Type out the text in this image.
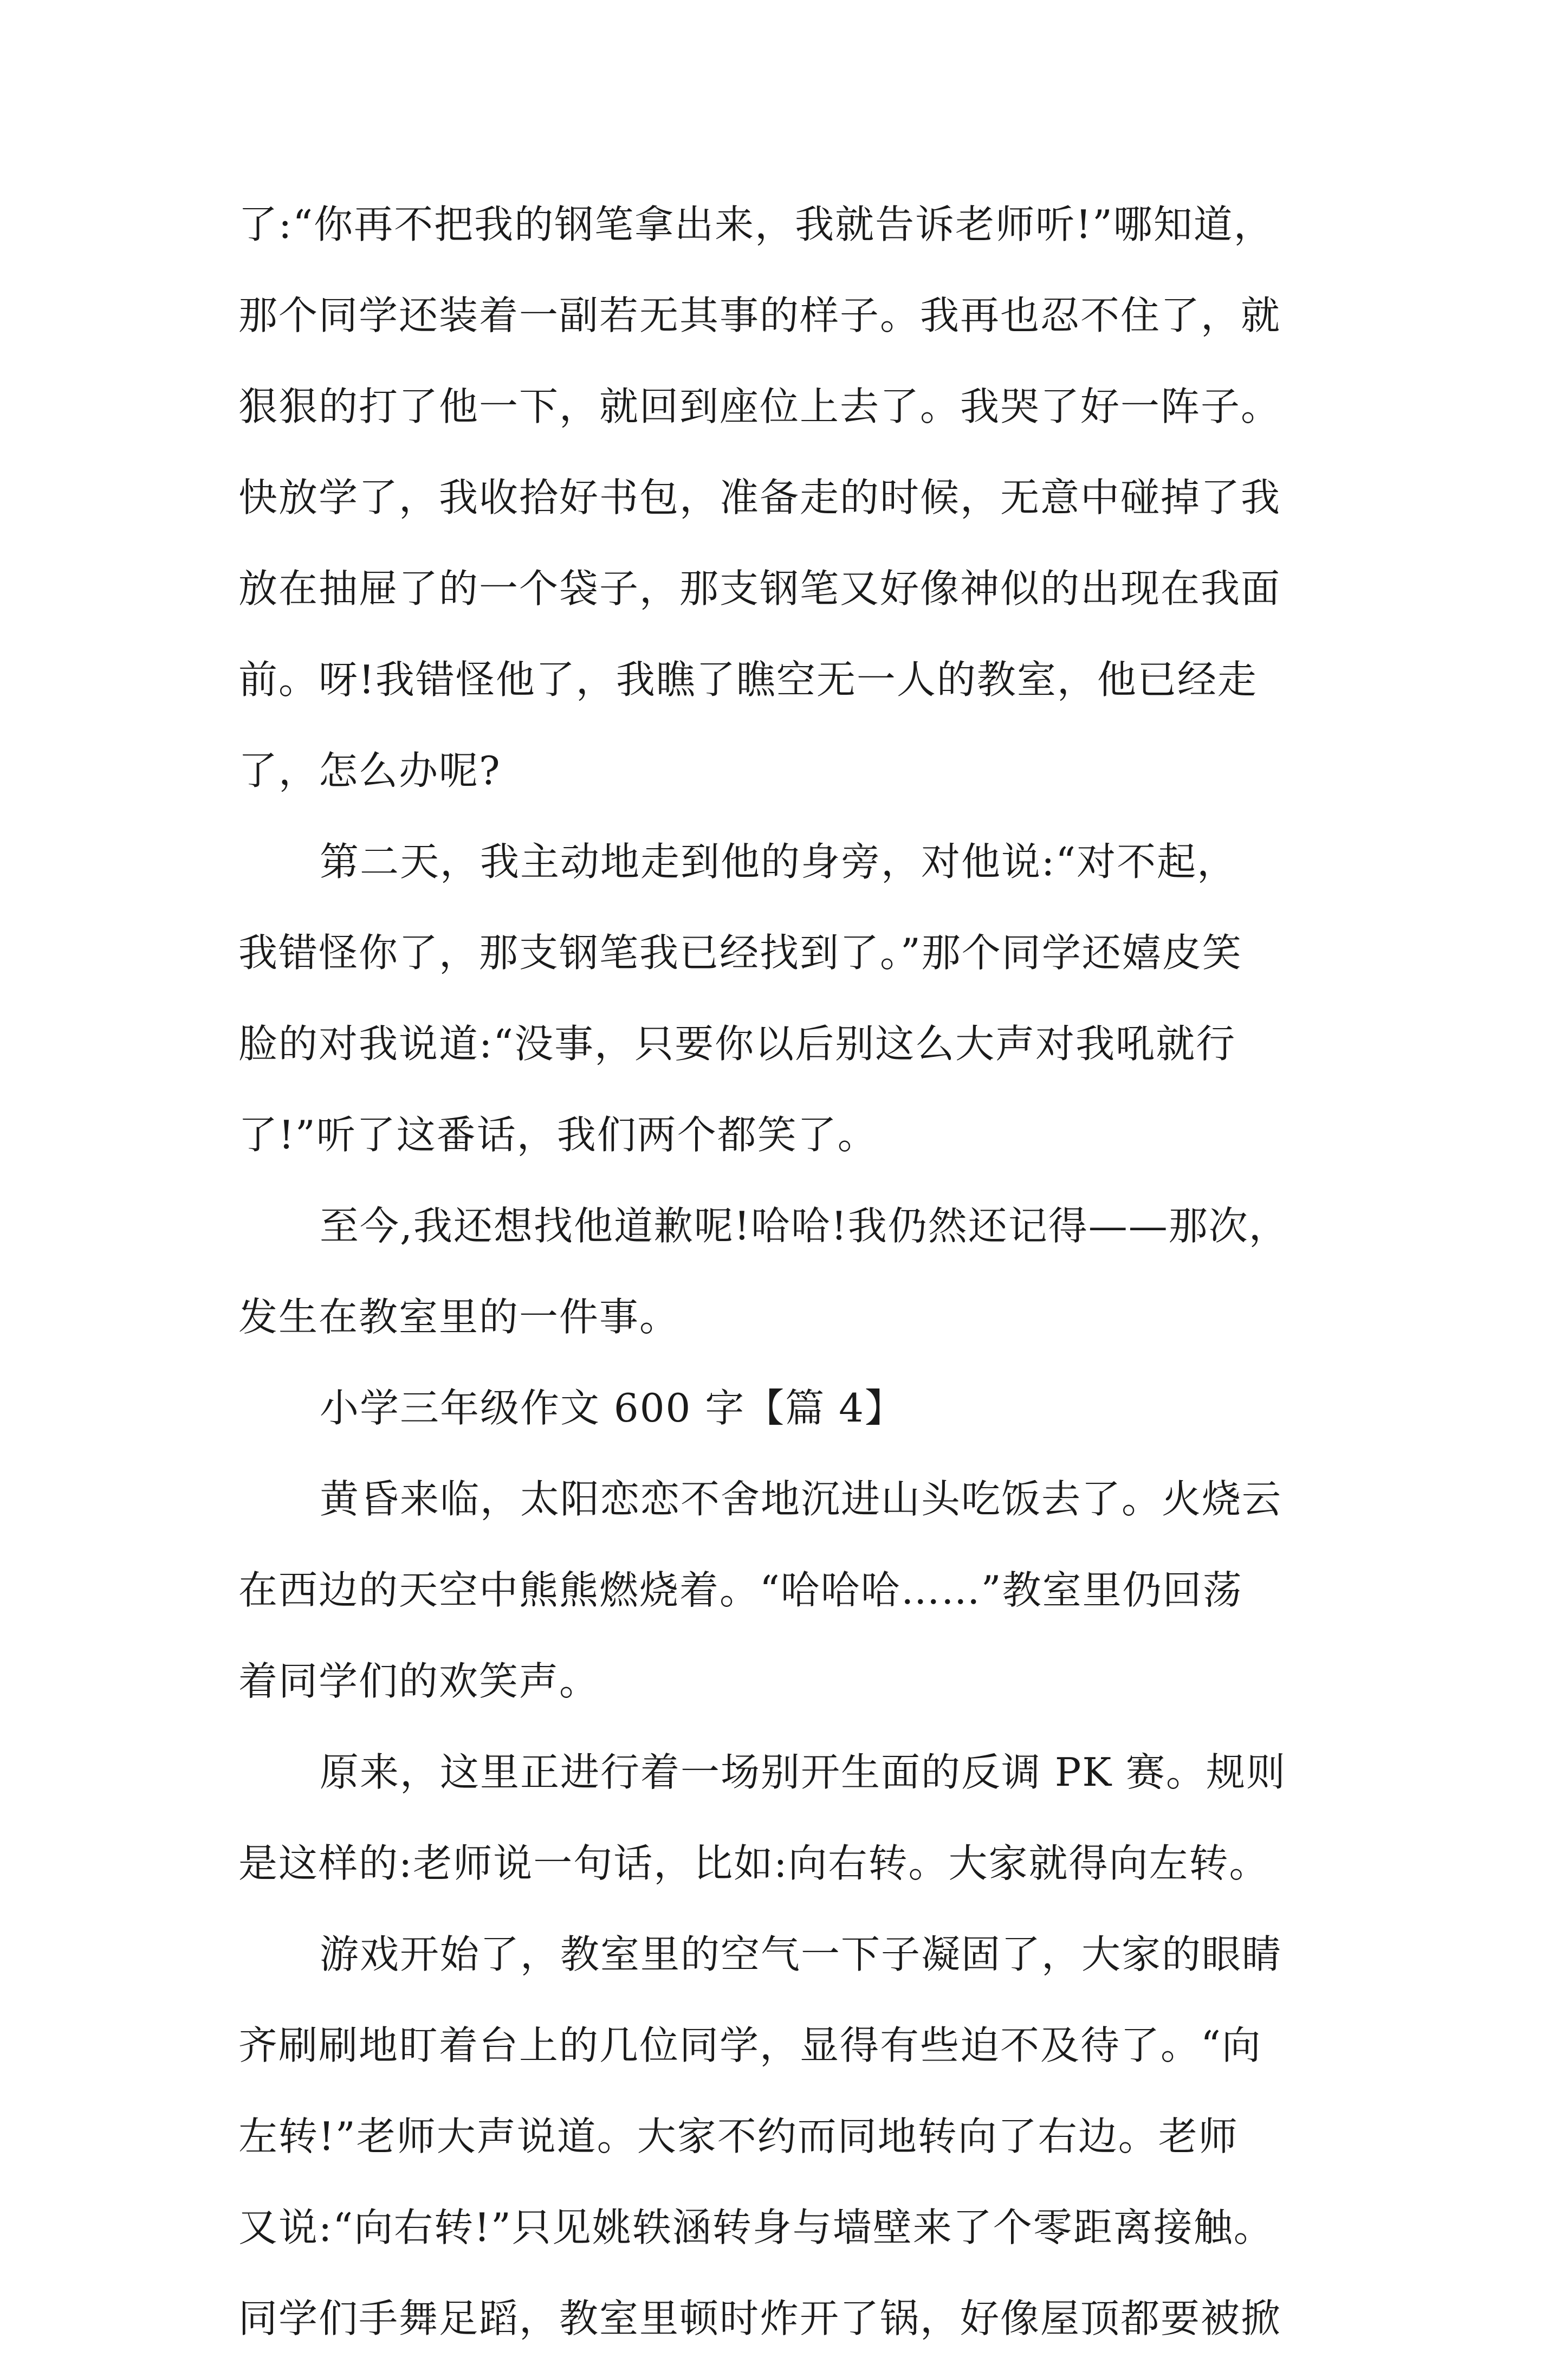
了:“你再不把我的钢笔拿出来，我就告诉老师听!”哪知道，
那个同学还装着一副若无其事的样子。我再也忍不住了，就
狠狠的打了他一下，就回到座位上去了。我哭了好一阵子。
快放学了，我收拾好书包，准备走的时候，无意中碰掉了我
放在抽屉了的一个袋子，那支钢笔又好像神似的出现在我面
前。呀!我错怪他了，我瞧了瞧空无一人的教室，他已经走
了，怎么办呢?
第二天，我主动地走到他的身旁，对他说:“对不起，
我错怪你了，那支钢笔我已经找到了。”那个同学还嬉皮笑
脸的对我说道:“没事，只要你以后别这么大声对我吼就行
了!”听了这番话，我们两个都笑了。
至今,我还想找他道歉呢!哈哈!我仍然还记得——那次，
发生在教室里的一件事。
小学三年级作文 600 字【篇 4】
黄昏来临，太阳恋恋不舍地沉进山头吃饭去了。火烧云
在西边的天空中熊熊燃烧着。“哈哈哈……”教室里仍回荡
着同学们的欢笑声。
原来，这里正进行着一场别开生面的反调 PK 赛。规则
是这样的:老师说一句话，比如:向右转。大家就得向左转。
游戏开始了，教室里的空气一下子凝固了，大家的眼睛
齐刷刷地盯着台上的几位同学，显得有些迫不及待了。“向
左转!”老师大声说道。大家不约而同地转向了右边。老师
又说:“向右转!”只见姚轶涵转身与墙壁来了个零距离接触。
同学们手舞足蹈，教室里顿时炸开了锅，好像屋顶都要被掀
